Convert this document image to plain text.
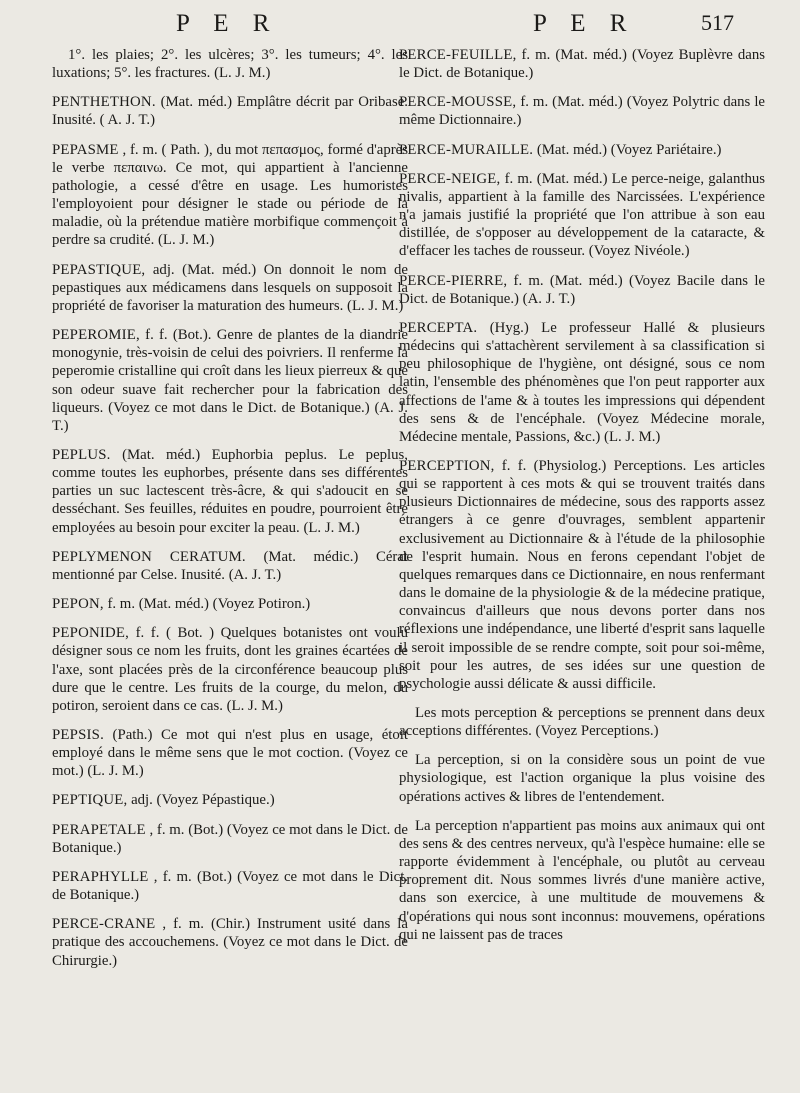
P E R	P E R	517

1°. les plaies; 2°. les ulcères; 3°. les tumeurs; 4°. les luxations; 5°. les fractures. (L. J. M.)

PENTHETHON. (Mat. méd.) Emplâtre décrit par Oribase. Inusité. ( A. J. T.)

PEPASME , f. m. ( Path. ), du mot πεπασμος, formé d'après le verbe πεπαινω. Ce mot, qui appartient à l'ancienne pathologie, a cessé d'être en usage. Les humoristes l'employoient pour désigner le stade ou période de la maladie, où la prétendue matière morbifique commençoit à perdre sa crudité. (L. J. M.)

PEPASTIQUE, adj. (Mat. méd.) On donnoit le nom de pepastiques aux médicamens dans lesquels on supposoit la propriété de favoriser la maturation des humeurs. (L. J. M.)

PEPEROMIE, f. f. (Bot.). Genre de plantes de la diandrie monogynie, très-voisin de celui des poivriers. Il renferme la peperomie cristalline qui croît dans les lieux pierreux & que son odeur suave fait rechercher pour la fabrication des liqueurs. (Voyez ce mot dans le Dict. de Botanique.) (A. J. T.)

PEPLUS. (Mat. méd.) Euphorbia peplus. Le peplus, comme toutes les euphorbes, présente dans ses différentes parties un suc lactescent très-âcre, & qui s'adoucit en se desséchant. Ses feuilles, réduites en poudre, pourroient être employées au besoin pour exciter la peau. (L. J. M.)

PEPLYMENON CERATUM. (Mat. médic.) Cérat mentionné par Celse. Inusité. (A. J. T.)

PEPON, f. m. (Mat. méd.) (Voyez Potiron.)

PEPONIDE, f. f. ( Bot. ) Quelques botanistes ont voulu désigner sous ce nom les fruits, dont les graines écartées de l'axe, sont placées près de la circonférence beaucoup plus dure que le centre. Les fruits de la courge, du melon, du potiron, seroient dans ce cas. (L. J. M.)

PEPSIS. (Path.) Ce mot qui n'est plus en usage, étoit employé dans le même sens que le mot coction. (Voyez ce mot.) (L. J. M.)

PEPTIQUE, adj. (Voyez Pépastique.)

PERAPETALE , f. m. (Bot.) (Voyez ce mot dans le Dict. de Botanique.)

PERAPHYLLE , f. m. (Bot.) (Voyez ce mot dans le Dict. de Botanique.)

PERCE-CRANE , f. m. (Chir.) Instrument usité dans la pratique des accouchemens. (Voyez ce mot dans le Dict. de Chirurgie.)

PERCE-FEUILLE, f. m. (Mat. méd.) (Voyez Buplèvre dans le Dict. de Botanique.)

PERCE-MOUSSE, f. m. (Mat. méd.) (Voyez Polytric dans le même Dictionnaire.)

PERCE-MURAILLE. (Mat. méd.) (Voyez Pariétaire.)

PERCE-NEIGE, f. m. (Mat. méd.) Le perce-neige, galanthus nivalis, appartient à la famille des Narcissées. L'expérience n'a jamais justifié la propriété que l'on attribue à son eau distillée, de s'opposer au développement de la cataracte, & d'effacer les taches de rousseur. (Voyez Nivéole.)

PERCE-PIERRE, f. m. (Mat. méd.) (Voyez Bacile dans le Dict. de Botanique.) (A. J. T.)

PERCEPTA. (Hyg.) Le professeur Hallé & plusieurs médecins qui s'attachèrent servilement à sa classification si peu philosophique de l'hygiène, ont désigné, sous ce nom latin, l'ensemble des phénomènes que l'on peut rapporter aux affections de l'ame & à toutes les impressions qui dépendent des sens & de l'encéphale. (Voyez Médecine morale, Médecine mentale, Passions, &c.) (L. J. M.)

PERCEPTION, f. f. (Physiolog.) Perceptions. Les articles qui se rapportent à ces mots & qui se trouvent traités dans plusieurs Dictionnaires de médecine, sous des rapports assez étrangers à ce genre d'ouvrages, semblent appartenir exclusivement au Dictionnaire & à l'étude de la philosophie de l'esprit humain. Nous en ferons cependant l'objet de quelques remarques dans ce Dictionnaire, en nous renfermant dans le domaine de la physiologie & de la médecine pratique, convaincus d'ailleurs que nous devons porter dans nos réflexions une indépendance, une liberté d'esprit sans laquelle il seroit impossible de se rendre compte, soit pour soi-même, soit pour les autres, de ses idées sur une question de psychologie aussi délicate & aussi difficile.

Les mots perception & perceptions se prennent dans deux acceptions différentes. (Voyez Perceptions.)

La perception, si on la considère sous un point de vue physiologique, est l'action organique la plus voisine des opérations actives & libres de l'entendement.

La perception n'appartient pas moins aux animaux qui ont des sens & des centres nerveux, qu'à l'espèce humaine: elle se rapporte évidemment à l'encéphale, ou plutôt au cerveau proprement dit. Nous sommes livrés d'une manière active, dans son exercice, à une multitude de mouvemens & d'opérations qui nous sont inconnus: mouvemens, opérations qui ne laissent pas de traces
